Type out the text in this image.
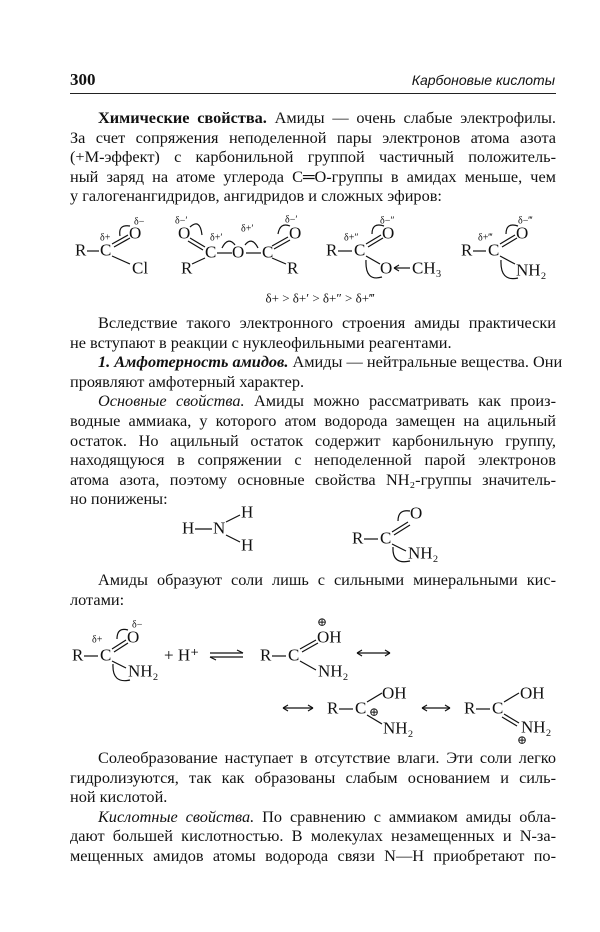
300	Карбоновые кислоты
Химические свойства. Амиды — очень слабые электрофилы.
За счет сопряжения неподеленной пары электронов атома азота
(+M-эффект) с карбонильной группой частичный положитель-
ный заряд на атоме углерода C═O-группы в амидах меньше, чем
у галогенангидридов, ангидридов и сложных эфиров:
R C
δ+ O
δ−
Cl
O
δ−′
C
δ+′
O
δ+′
C
O
δ−′
R	R
R C
δ+″ O
δ−″
O CH₃
R C
δ+‴ O
δ−‴
NH₂
δ+ > δ+′ > δ+″ > δ+‴
Вследствие такого электронного строения амиды практически
не вступают в реакции с нуклеофильными реагентами.
1. Амфотерность амидов. Амиды — нейтральные вещества. Они
проявляют амфотерный характер.
Основные свойства. Амиды можно рассматривать как произ-
водные аммиака, у которого атом водорода замещен на ацильный
остаток. Но ацильный остаток содержит карбонильную группу,
находящуюся в сопряжении с неподеленной парой электронов
атома азота, поэтому основные свойства NH₂-группы значитель-
но понижены:
H N
H
H	R C
O
NH₂
Амиды образуют соли лишь с сильными минеральными кис-
лотами:
R C
δ+ O
δ−
NH₂
+ H⁺	R C
OH
⊕
NH₂
R C ⊕
OH
NH₂
R C
OH
NH₂
⊕
Солеобразование наступает в отсутствие влаги. Эти соли легко
гидролизуются, так как образованы слабым основанием и силь-
ной кислотой.
Кислотные свойства. По сравнению с аммиаком амиды обла-
дают большей кислотностью. В молекулах незамещенных и N-за-
мещенных амидов атомы водорода связи N—H приобретают по-
